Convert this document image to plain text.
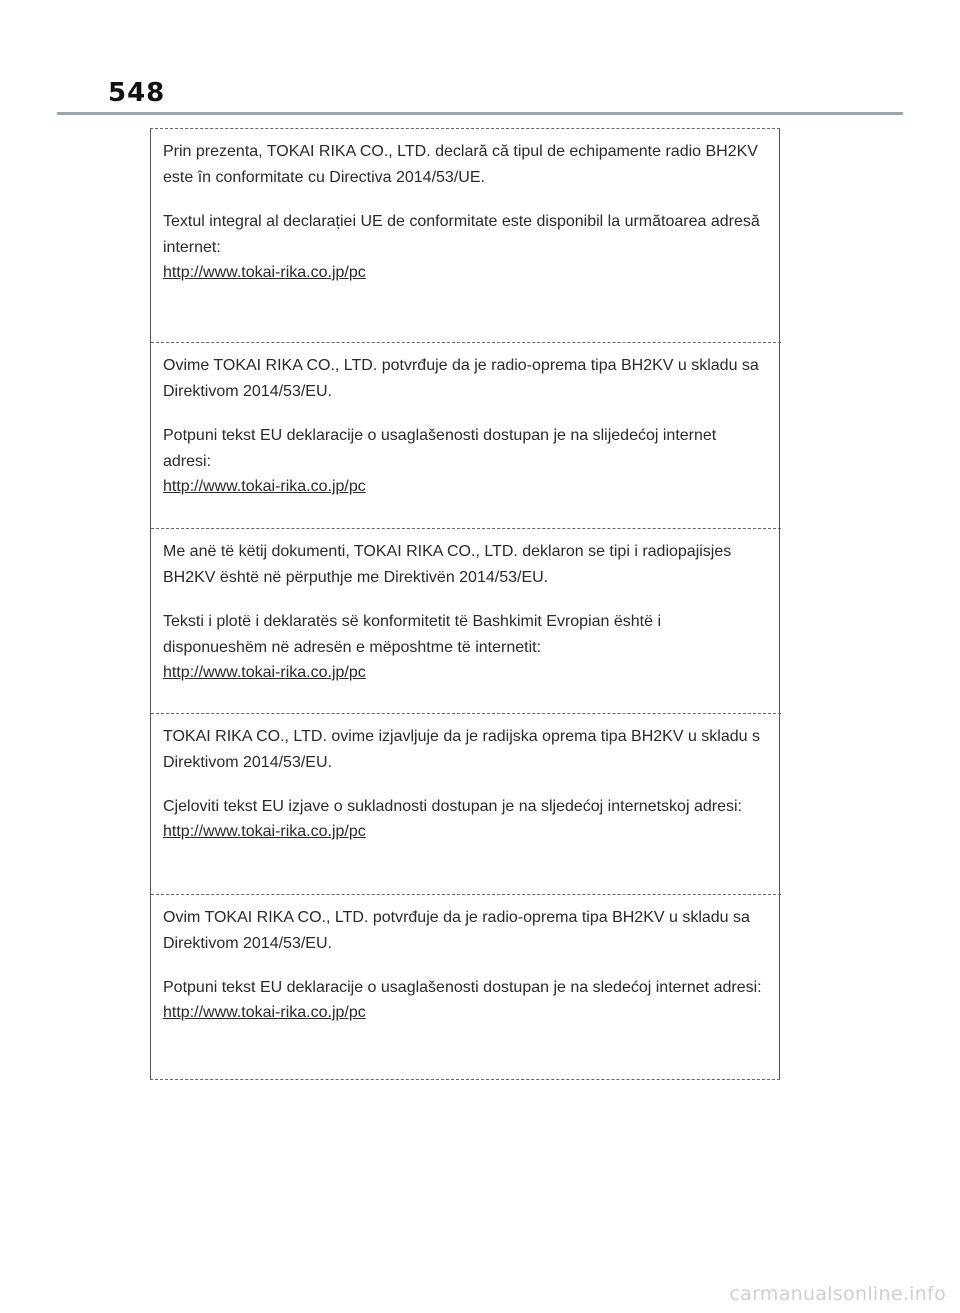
548

Prin prezenta, TOKAI RIKA CO., LTD. declară că tipul de echipamente radio BH2KV este în conformitate cu Directiva 2014/53/UE.

Textul integral al declarației UE de conformitate este disponibil la următoarea adresă internet:

http://www.tokai-rika.co.jp/pc

Ovime TOKAI RIKA CO., LTD. potvrđuje da je radio-oprema tipa BH2KV u skladu sa Direktivom 2014/53/EU.

Potpuni tekst EU deklaracije o usaglašenosti dostupan je na slijedećoj internet adresi:

http://www.tokai-rika.co.jp/pc

Me anë të këtij dokumenti, TOKAI RIKA CO., LTD. deklaron se tipi i radiopajisjes BH2KV është në përputhje me Direktivën 2014/53/EU.

Teksti i plotë i deklaratës së konformitetit të Bashkimit Evropian është i disponueshëm në adresën e mëposhtme të internetit:

http://www.tokai-rika.co.jp/pc

TOKAI RIKA CO., LTD. ovime izjavljuje da je radijska oprema tipa BH2KV u skladu s Direktivom 2014/53/EU.

Cjeloviti tekst EU izjave o sukladnosti dostupan je na sljedećoj internetskoj adresi:

http://www.tokai-rika.co.jp/pc

Ovim TOKAI RIKA CO., LTD. potvrđuje da je radio-oprema tipa BH2KV u skladu sa Direktivom 2014/53/EU.

Potpuni tekst EU deklaracije o usaglašenosti dostupan je na sledećoj internet adresi:

http://www.tokai-rika.co.jp/pc
carmanualsonline.info
